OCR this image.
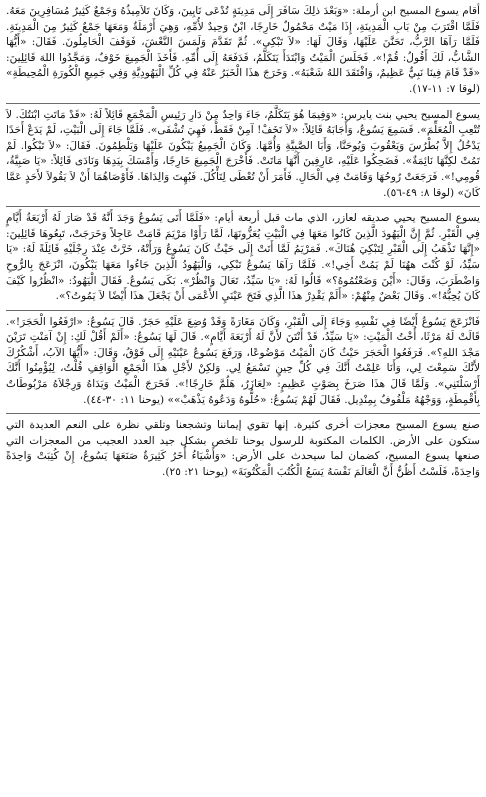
أقام يسوع المسيح ابن أرملة: «وَبَعْدَ ذلِكَ سَافَرَ إِلَى مَدِينَةٍ تُدْعَى نَايِينَ، وَكَانَ تَلاَمِيذُهُ وَجَمْعٌ كَثِيرٌ مُسَافِرِينَ مَعَهُ. فَلَمَّا اقْتَرَبَ مِنْ بَابِ الْمَدِينَةِ، إِذَا مَيْتٌ مَحْمُولٌ خَارِجًا، ابْنٌ وَحِيدٌ لأُمِّهِ، وَهِيَ أَرْمَلَةٌ وَمَعَهَا جَمْعٌ كَثِيرٌ مِنَ الْمَدِينَةِ. فَلَمَّا رَآهَا الرَّبُّ، تَحَنَّنَ عَلَيْهَا، وَقَالَ لَهَا: «لاَ تَبْكِي». ثُمَّ تَقَدَّمَ وَلَمَسَ النَّعْشَ، فَوَقَفَ الْحَامِلُونَ. فَقَالَ: «أَيُّهَا الشَّابُّ، لَكَ أَقُولُ: قُمْ!». فَجَلَسَ الْمَيْتُ وَابْتَدَأَ يَتَكَلَّمُ، فَدَفَعَهُ إِلَى أُمِّهِ. فَأَخَذَ الْجَمِيعَ خَوْفٌ، وَمَجَّدُوا اللهَ قَائِلِينَ: «قَدْ قَامَ فِينَا نَبِيٌّ عَظِيمٌ، وَافْتَقَدَ اللهُ شَعْبَهُ». وَخَرَجَ هذَا الْخَبَرُ عَنْهُ فِي كُلِّ الْيَهُودِيَّةِ وَفِي جَمِيعِ الْكُورَةِ الْمُحِيطَةِ» (لوقا ٧: ١١-١٧).

يسوع المسيح يحيي بنت يايرس: «وَفِيمَا هُوَ يَتَكَلَّمُ، جَاءَ وَاحِدٌ مِنْ دَارِ رَئِيسِ الْمَجْمَعِ قَائِلاً لَهُ: «قَدْ مَاتَتِ ابْنَتُكَ. لاَ تُتْعِبِ الْمُعَلِّمَ». فَسَمِعَ يَسُوعُ، وَأَجَابَهُ قَائِلاً: «لاَ تَخَفْ! آمِنْ فَقَطْ، فَهِيَ تُشْفَى». فَلَمَّا جَاءَ إِلَى الْبَيْتِ، لَمْ يَدَعْ أَحَدًا يَدْخُلُ إِلاَّ بُطْرُسَ وَيَعْقُوبَ وَيُوحَنَّا، وَأَبَا الصَّبِيَّةِ وَأُمَّهَا. وَكَانَ الْجَمِيعُ يَبْكُونَ عَلَيْهَا وَيَلْطِمُونَ. فَقَالَ: «لاَ تَبْكُوا. لَمْ تَمُتْ لكِنَّهَا نَائِمَةٌ». فَضَحِكُوا عَلَيْهِ، عَارِفِينَ أَنَّهَا مَاتَتْ. فَأَخْرَجَ الْجَمِيعَ خَارِجًا، وَأَمْسَكَ بِيَدِهَا وَنَادَى قَائِلاً: «يَا صَبِيَّةُ، قُومِي!». فَرَجَعَتْ رُوحُهَا وَقَامَتْ فِي الْحَالِ. فَأَمَرَ أَنْ تُعْطَى لِتَأْكُلَ. فَبُهِتَ وَالِدَاهَا. فَأَوْصَاهُمَا أَنْ لاَ يَقُولاَ لأَحَدٍ عَمَّا كَانَ» (لوقا ٨: ٤٩-٥٦).

يسوع المسيح يحيي صديقه لعازر، الذي مات قبل أربعة أيام: «فَلَمَّا أَتَى يَسُوعُ وَجَدَ أَنَّهُ قَدْ صَارَ لَهُ أَرْبَعَةُ أَيَّامٍ فِي الْقَبْرِ. ثُمَّ إِنَّ الْيَهُودَ الَّذِينَ كَانُوا مَعَهَا فِي الْبَيْتِ يُعَزُّونَهَا، لَمَّا رَأَوْا مَرْيَمَ قَامَتْ عَاجِلاً وَخَرَجَتْ، تَبِعُوهَا قَائِلِينَ: «إِنَّهَا تَذْهَبُ إِلَى الْقَبْرِ لِتَبْكِيَ هُنَاكَ». فَمَرْيَمُ لَمَّا أَتَتْ إِلَى حَيْثُ كَانَ يَسُوعُ وَرَأَتْهُ، خَرَّتْ عِنْدَ رِجْلَيْهِ قَائِلَةً لَهُ: «يَا سَيِّدُ، لَوْ كُنْتَ ههُنَا لَمْ يَمُتْ أَخِي!». فَلَمَّا رَآهَا يَسُوعُ تَبْكِي، وَالْيَهُودُ الَّذِينَ جَاءُوا مَعَهَا يَبْكُونَ، انْزَعَجَ بِالرُّوحِ وَاضْطَرَبَ، وَقَالَ: «أَيْنَ وَضَعْتُمُوهُ؟» قَالُوا لَهُ: «يَا سَيِّدُ، تَعَالَ وَانْظُرْ». بَكَى يَسُوعُ. فَقَالَ الْيَهُودُ: «انْظُرُوا كَيْفَ كَانَ يُحِبُّهُ!». وَقَالَ بَعْضٌ مِنْهُمْ: «أَلَمْ يَقْدِرْ هذَا الَّذِي فَتَحَ عَيْنَيِ الأَعْمَى أَنْ يَجْعَلَ هذَا أَيْضًا لاَ يَمُوتُ؟».

فَانْزَعَجَ يَسُوعُ أَيْضًا فِي نَفْسِهِ وَجَاءَ إِلَى الْقَبْرِ، وَكَانَ مَغَارَةً وَقَدْ وُضِعَ عَلَيْهِ حَجَرٌ. قَالَ يَسُوعُ: «ارْفَعُوا الْحَجَرَ!». قَالَتْ لَهُ مَرْثَا، أُخْتُ الْمَيْتِ: «يَا سَيِّدُ، قَدْ أَنْتَنَ لأَنَّ لَهُ أَرْبَعَةَ أَيَّامٍ». قَالَ لَهَا يَسُوعُ: «أَلَمْ أَقُلْ لَكِ: إِنْ آمَنْتِ تَرَيْنَ مَجْدَ اللهِ؟». فَرَفَعُوا الْحَجَرَ حَيْثُ كَانَ الْمَيْتُ مَوْضُوعًا، وَرَفَعَ يَسُوعُ عَيْنَيْهِ إِلَى فَوْقُ، وَقَالَ: «أَيُّهَا الآبُ، أَشْكُرُكَ لأَنَّكَ سَمِعْتَ لِي، وَأَنَا عَلِمْتُ أَنَّكَ فِي كُلِّ حِينٍ تَسْمَعُ لِي. وَلكِنْ لأَجْلِ هذَا الْجَمْعِ الْوَاقِفِ قُلْتُ، لِيُؤْمِنُوا أَنَّكَ أَرْسَلْتَنِي». وَلَمَّا قَالَ هذَا صَرَخَ بِصَوْتٍ عَظِيمٍ: «لِعَازَرُ، هَلُمَّ خَارِجًا!». فَخَرَجَ الْمَيْتُ وَيَدَاهُ وَرِجْلاَهُ مَرْبُوطَاتٌ بِأَقْمِطَةٍ، وَوَجْهُهُ مَلْفُوفٌ بِمِنْدِيل. فَقَالَ لَهُمْ يَسُوعُ: «حُلُّوهُ وَدَعُوهُ يَذْهَبْ»» (يوحنا ١١: ٣٠-٤٤).

صنع يسوع المسيح معجزات أخرى كثيرة. إنها تقوي إيماننا وتشجعنا وتلقي نظرة على النعم العديدة التي ستكون على الأرض. الكلمات المكتوبة للرسول يوحنا تلخص بشكل جيد العدد العجيب من المعجزات التي صنعها يسوع المسيح، كضمان لما سيحدث على الأرض: «وَأَشْيَاءُ أُخَرُ كَثِيرَةٌ صَنَعَهَا يَسُوعُ، إِنْ كُتِبَتْ وَاحِدَةً وَاحِدَةً، فَلَسْتُ أَظُنُّ أَنَّ الْعَالَمَ نَفْسَهُ يَسَعُ الْكُتُبَ الْمَكْتُوبَةَ» (يوحنا ٢١: ٢٥).
